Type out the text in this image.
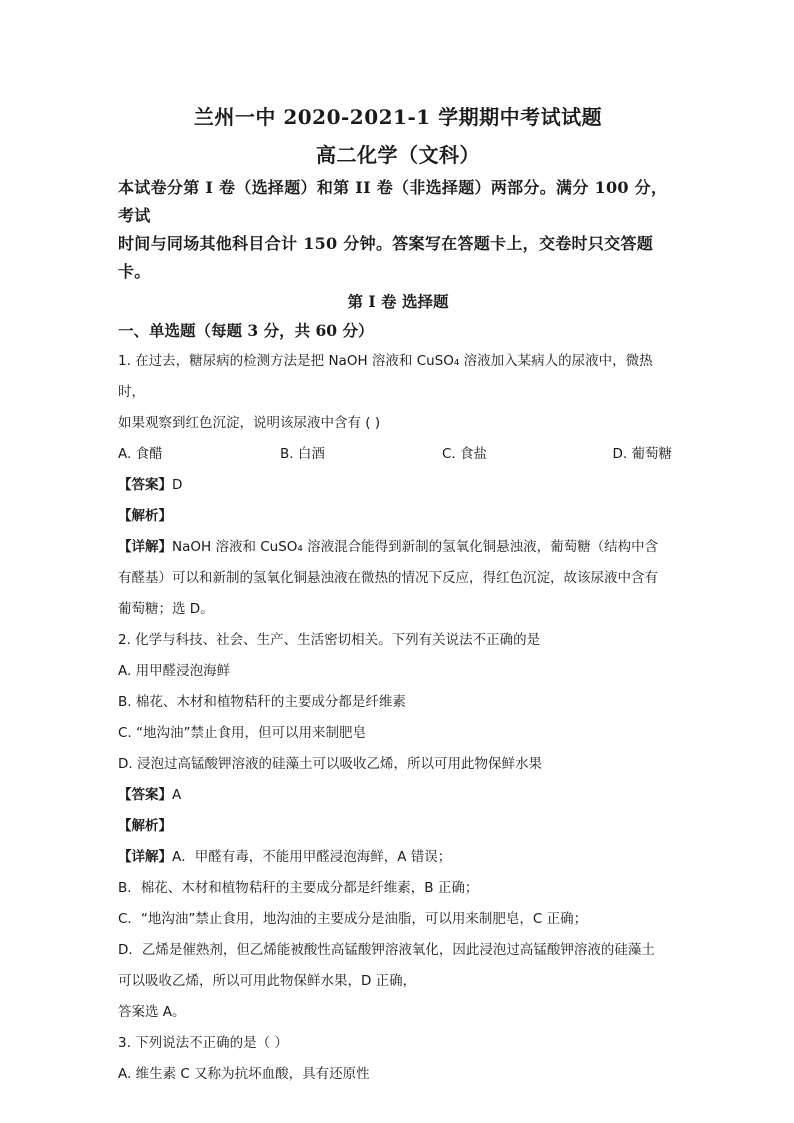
兰州一中 2020-2021-1 学期期中考试试题
高二化学（文科）
本试卷分第 I 卷（选择题）和第 II 卷（非选择题）两部分。满分 100 分，考试
时间与同场其他科目合计 150 分钟。答案写在答题卡上，交卷时只交答题卡。
第 I 卷 选择题
一、单选题（每题 3 分，共 60 分）
1. 在过去，糖尿病的检测方法是把 NaOH 溶液和 CuSO₄ 溶液加入某病人的尿液中，微热时，
如果观察到红色沉淀，说明该尿液中含有 ( )
A. 食醋	B. 白酒	C. 食盐	D. 葡萄糖
【答案】D
【解析】
【详解】NaOH 溶液和 CuSO₄ 溶液混合能得到新制的氢氧化铜悬浊液，葡萄糖（结构中含
有醛基）可以和新制的氢氧化铜悬浊液在微热的情况下反应，得红色沉淀，故该尿液中含有
葡萄糖；选 D。
2. 化学与科技、社会、生产、生活密切相关。下列有关说法不正确的是
A. 用甲醛浸泡海鲜
B. 棉花、木材和植物秸秆的主要成分都是纤维素
C. “地沟油”禁止食用，但可以用来制肥皂
D. 浸泡过高锰酸钾溶液的硅藻土可以吸收乙烯，所以可用此物保鲜水果
【答案】A
【解析】
【详解】A．甲醛有毒，不能用甲醛浸泡海鲜，A 错误；
B．棉花、木材和植物秸秆的主要成分都是纤维素，B 正确；
C．“地沟油”禁止食用，地沟油的主要成分是油脂，可以用来制肥皂，C 正确；
D．乙烯是催熟剂，但乙烯能被酸性高锰酸钾溶液氧化，因此浸泡过高锰酸钾溶液的硅藻土
可以吸收乙烯，所以可用此物保鲜水果，D 正确，
答案选 A。
3. 下列说法不正确的是（ ）
A. 维生素 C 又称为抗坏血酸，具有还原性
